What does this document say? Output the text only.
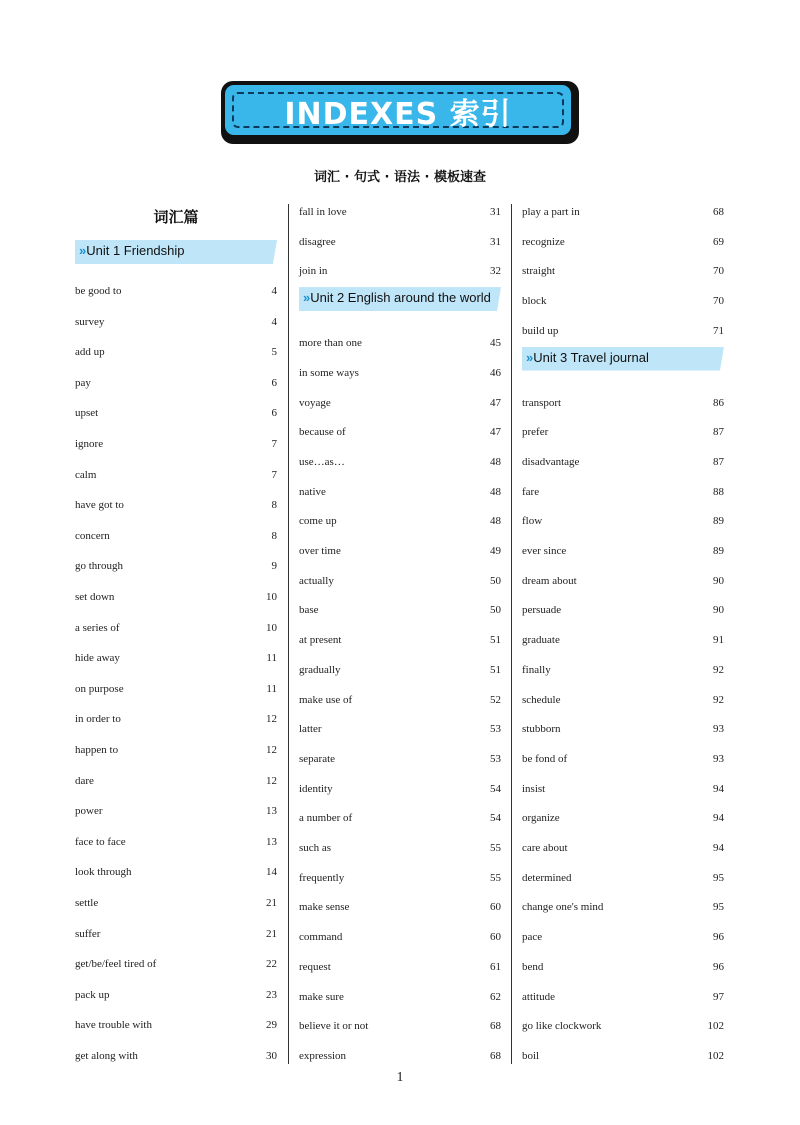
INDEXES 索引
词汇 · 句式 · 语法 · 模板速查
词汇篇
»Unit 1 Friendship
be good to	4
survey	4
add up	5
pay	6
upset	6
ignore	7
calm	7
have got to	8
concern	8
go through	9
set down	10
a series of	10
hide away	11
on purpose	11
in order to	12
happen to	12
dare	12
power	13
face to face	13
look through	14
settle	21
suffer	21
get/be/feel tired of	22
pack up	23
have trouble with	29
get along with	30
fall in love	31
disagree	31
join in	32
»Unit 2 English around the world
more than one	45
in some ways	46
voyage	47
because of	47
use…as…	48
native	48
come up	48
over time	49
actually	50
base	50
at present	51
gradually	51
make use of	52
latter	53
separate	53
identity	54
a number of	54
such as	55
frequently	55
make sense	60
command	60
request	61
make sure	62
believe it or not	68
expression	68
play a part in	68
recognize	69
straight	70
block	70
build up	71
»Unit 3 Travel journal
transport	86
prefer	87
disadvantage	87
fare	88
flow	89
ever since	89
dream about	90
persuade	90
graduate	91
finally	92
schedule	92
stubborn	93
be fond of	93
insist	94
organize	94
care about	94
determined	95
change one's mind	95
pace	96
bend	96
attitude	97
go like clockwork	102
boil	102
1
